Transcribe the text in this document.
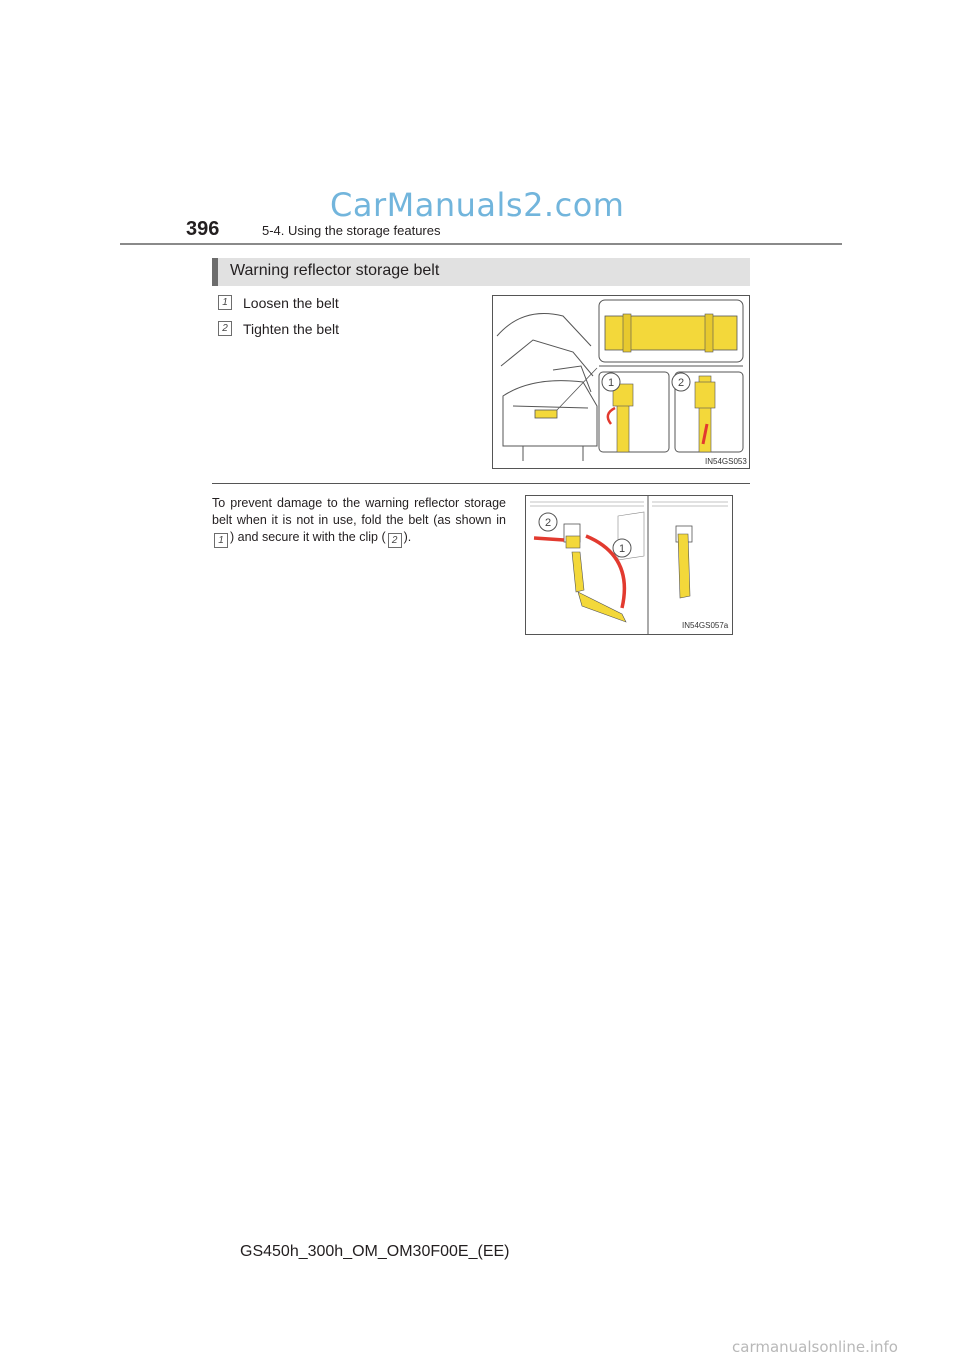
CarManuals2.com
396	5-4. Using the storage features
Warning reflector storage belt
1	Loosen the belt
2	Tighten the belt
1	2
IN54GS053
To prevent damage to the warning reflector storage belt when it is not in use, fold the belt (as shown in 1 ) and secure it with the clip ( 2 ).
2
1
IN54GS057a
GS450h_300h_OM_OM30F00E_(EE)
carmanualsonline.info
